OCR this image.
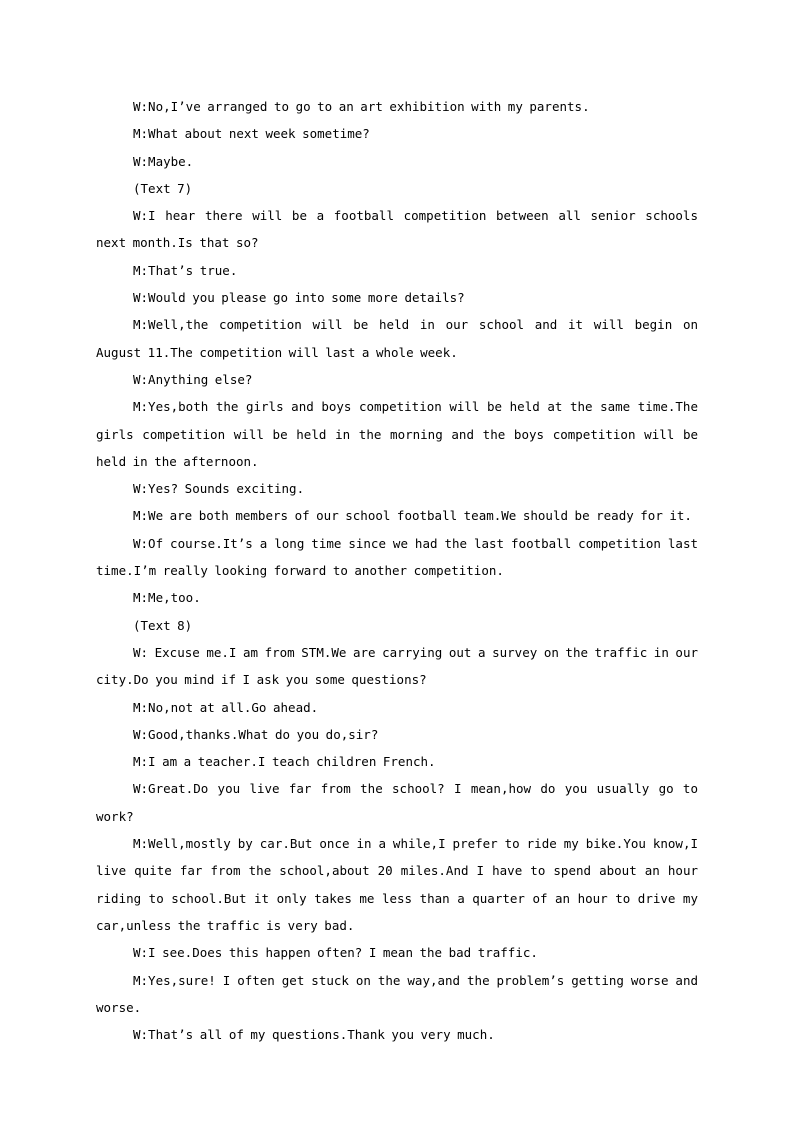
W:No,I’ve arranged to go to an art exhibition with my parents.

M:What about next week sometime?

W:Maybe.

(Text 7)

W:I hear there will be a football competition between all senior schools next month.Is that so?

M:That’s true.

W:Would you please go into some more details?

M:Well,the competition will be held in our school and it will begin on August 11.The competition will last a whole week.

W:Anything else?

M:Yes,both the girls and boys competition will be held at the same time.The girls competition will be held in the morning and the boys competition will be held in the afternoon.

W:Yes? Sounds exciting.

M:We are both members of our school football team.We should be ready for it.

W:Of course.It’s a long time since we had the last football competition last time.I’m really looking forward to another competition.

M:Me,too.

(Text 8)

W: Excuse me.I am from STM.We are carrying out a survey on the traffic in our city.Do you mind if I ask you some questions?

M:No,not at all.Go ahead.

W:Good,thanks.What do you do,sir?

M:I am a teacher.I teach children French.

W:Great.Do you live far from the school? I mean,how do you usually go to work?

M:Well,mostly by car.But once in a while,I prefer to ride my bike.You know,I live quite far from the school,about 20 miles.And I have to spend about an hour riding to school.But it only takes me less than a quarter of an hour to drive my car,unless the traffic is very bad.

W:I see.Does this happen often? I mean the bad traffic.

M:Yes,sure! I often get stuck on the way,and the problem’s getting worse and worse.

W:That’s all of my questions.Thank you very much.
